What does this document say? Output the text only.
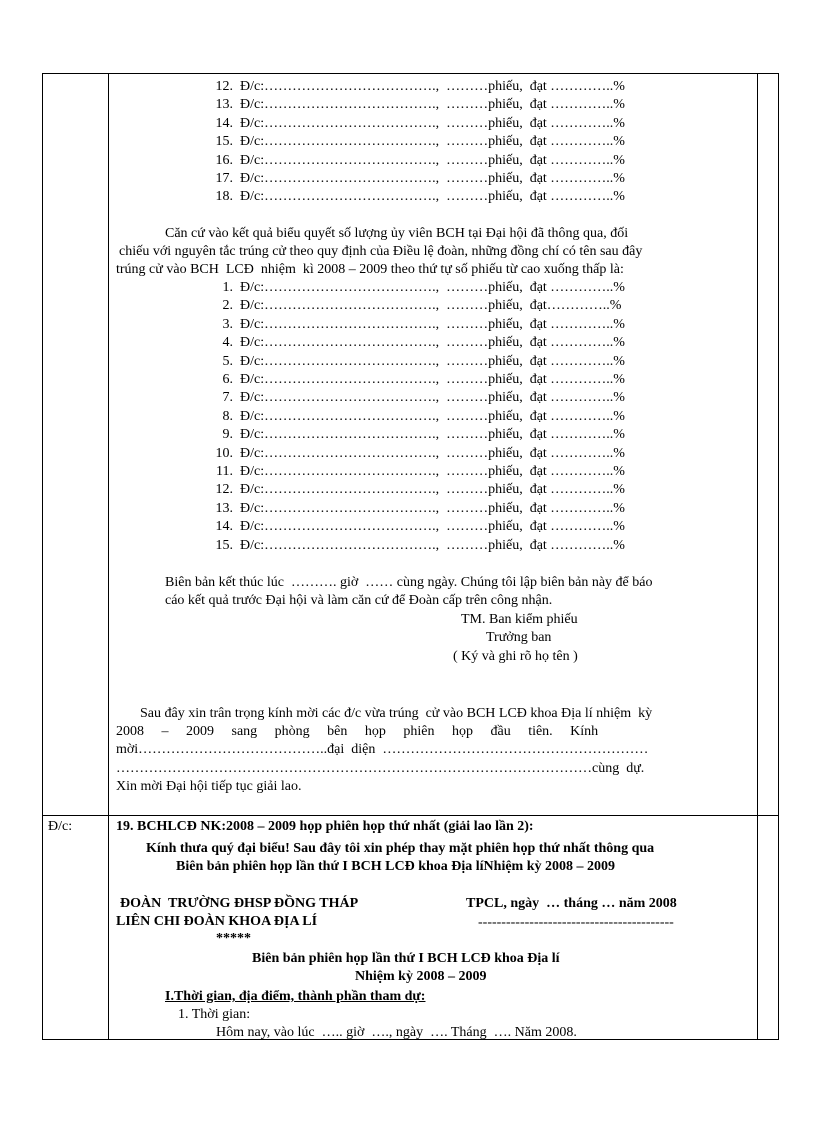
12. Đ/c:……………………………….,  ………phiếu,  đạt …………..%
13. Đ/c:……………………………….,  ………phiếu,  đạt …………..%
14. Đ/c:……………………………….,  ………phiếu,  đạt …………..%
15. Đ/c:……………………………….,  ………phiếu,  đạt …………..%
16. Đ/c:……………………………….,  ………phiếu,  đạt …………..%
17. Đ/c:……………………………….,  ………phiếu,  đạt …………..%
18. Đ/c:……………………………….,  ………phiếu,  đạt …………..%
Căn cứ vào kết quả biểu quyết số lượng ủy viên BCH tại Đại hội đã thông qua, đối
chiếu với nguyên tắc trúng cử theo quy định của Điều lệ đoàn, những đồng chí có tên sau đây
trúng cử vào BCH  LCĐ  nhiệm  kì 2008 – 2009 theo thứ tự số phiếu từ cao xuống thấp là:
1. Đ/c:……………………………….,  ………phiếu,  đạt …………..%
2. Đ/c:……………………………….,  ………phiếu,  đạt…………..%
3. Đ/c:……………………………….,  ………phiếu,  đạt …………..%
4. Đ/c:……………………………….,  ………phiếu,  đạt …………..%
5. Đ/c:……………………………….,  ………phiếu,  đạt …………..%
6. Đ/c:……………………………….,  ………phiếu,  đạt …………..%
7. Đ/c:……………………………….,  ………phiếu,  đạt …………..%
8. Đ/c:……………………………….,  ………phiếu,  đạt …………..%
9. Đ/c:……………………………….,  ………phiếu,  đạt …………..%
10. Đ/c:……………………………….,  ………phiếu,  đạt …………..%
11. Đ/c:……………………………….,  ………phiếu,  đạt …………..%
12. Đ/c:……………………………….,  ………phiếu,  đạt …………..%
13. Đ/c:……………………………….,  ………phiếu,  đạt …………..%
14. Đ/c:……………………………….,  ………phiếu,  đạt …………..%
15. Đ/c:……………………………….,  ………phiếu,  đạt …………..%
Biên bản kết thúc lúc  ………. giờ  …… cùng ngày. Chúng tôi lập biên bản này để báo
cáo kết quả trước Đại hội và làm căn cứ để Đoàn cấp trên công nhận.
TM. Ban kiểm phiếu
Trưởng ban
( Ký và ghi rõ họ tên )
Sau đây xin trân trọng kính mời các đ/c vừa trúng  cử vào BCH LCĐ khoa Địa lí nhiệm  kỳ
2008     –     2009     sang     phòng     bên     họp     phiên     họp     đầu     tiên.     Kính
mời…………………………………..đại  diện  …………………………………………………
…………………………………………………………………………………………cùng  dự.
Xin mời Đại hội tiếp tục giải lao.
Đ/c:	19. BCHLCĐ NK:2008 – 2009 họp phiên họp thứ nhất (giải lao lần 2):
Kính thưa quý đại biểu! Sau đây tôi xin phép thay mặt phiên họp thứ nhất thông qua
Biên bản phiên họp lần thứ I BCH LCĐ khoa Địa líNhiệm kỳ 2008 – 2009
ĐOÀN  TRƯỜNG ĐHSP ĐỒNG THÁP
LIÊN CHI ĐOÀN KHOA ĐỊA LÍ
*****
TPCL, ngày  … tháng … năm 2008
------------------------------------------
Biên bản phiên họp lần thứ I BCH LCĐ khoa Địa lí
Nhiệm kỳ 2008 – 2009
I.Thời gian, địa điểm, thành phần tham dự:
1. Thời gian:
Hôm nay, vào lúc  ….. giờ  …., ngày  …. Tháng  …. Năm 2008.
